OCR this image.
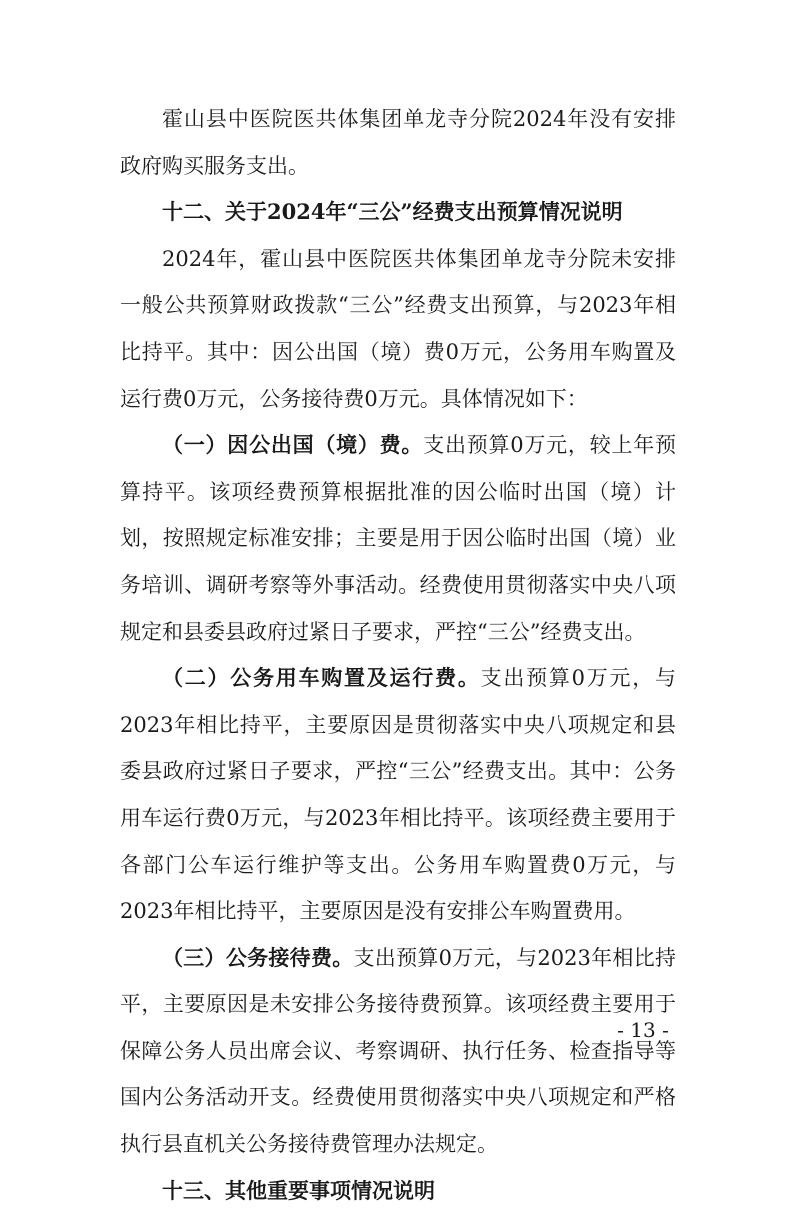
霍山县中医院医共体集团单龙寺分院2024年没有安排政府购买服务支出。

十二、关于2024年“三公”经费支出预算情况说明

2024年，霍山县中医院医共体集团单龙寺分院未安排一般公共预算财政拨款“三公”经费支出预算，与2023年相比持平。其中：因公出国（境）费0万元，公务用车购置及运行费0万元，公务接待费0万元。具体情况如下：

（一）因公出国（境）费。支出预算0万元，较上年预算持平。该项经费预算根据批准的因公临时出国（境）计划，按照规定标准安排；主要是用于因公临时出国（境）业务培训、调研考察等外事活动。经费使用贯彻落实中央八项规定和县委县政府过紧日子要求，严控“三公”经费支出。

（二）公务用车购置及运行费。支出预算0万元，与2023年相比持平，主要原因是贯彻落实中央八项规定和县委县政府过紧日子要求，严控“三公”经费支出。其中：公务用车运行费0万元，与2023年相比持平。该项经费主要用于各部门公车运行维护等支出。公务用车购置费0万元，与2023年相比持平，主要原因是没有安排公车购置费用。

（三）公务接待费。支出预算0万元，与2023年相比持平，主要原因是未安排公务接待费预算。该项经费主要用于保障公务人员出席会议、考察调研、执行任务、检查指导等国内公务活动开支。经费使用贯彻落实中央八项规定和严格执行县直机关公务接待费管理办法规定。

十三、其他重要事项情况说明

- 13 -
